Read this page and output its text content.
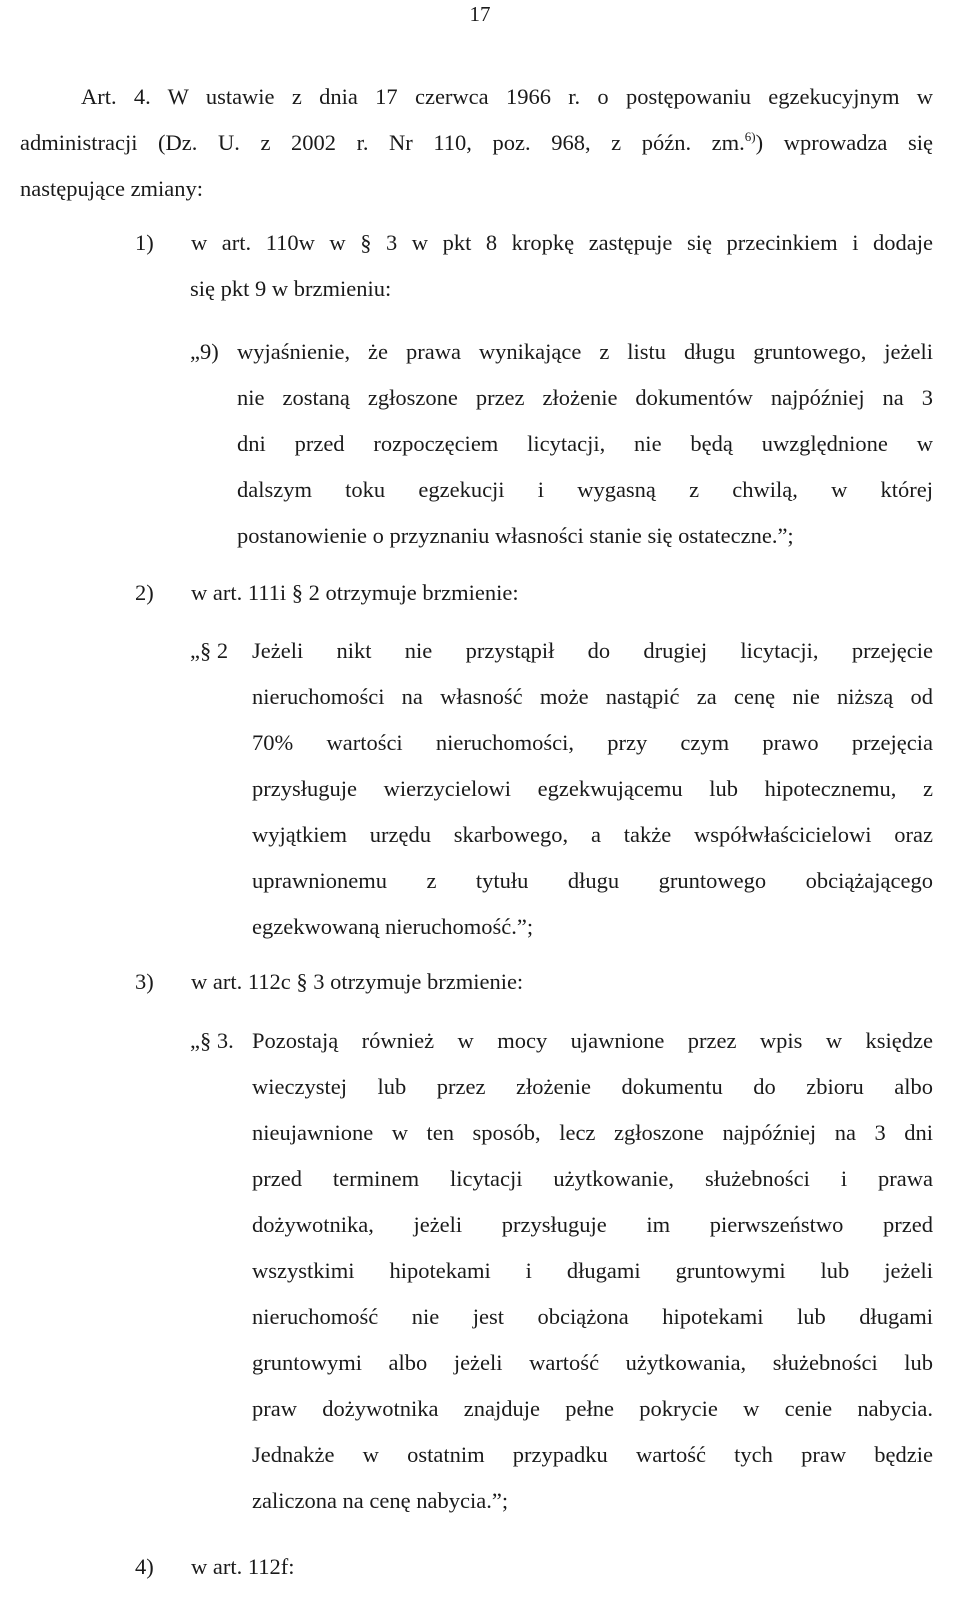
17

Art. 4. W ustawie z dnia 17 czerwca 1966 r. o postępowaniu egzekucyjnym w

administracji (Dz. U. z 2002 r. Nr 110, poz. 968, z późn. zm.$^{6)}$) wprowadza się

następujące zmiany:

1) w art. 110w w § 3 w pkt 8 kropkę zastępuje się przecinkiem i dodaje

się pkt 9 w brzmieniu:

„9) wyjaśnienie, że prawa wynikające z listu długu gruntowego, jeżeli

nie zostaną zgłoszone przez złożenie dokumentów najpóźniej na 3

dni przed rozpoczęciem licytacji, nie będą uwzględnione w

dalszym toku egzekucji i wygasną z chwilą, w której

postanowienie o przyznaniu własności stanie się ostateczne.”;

2) w art. 111i § 2 otrzymuje brzmienie:
„§ 2 Jeżeli nikt nie przystąpił do drugiej licytacji, przejęcie

nieruchomości na własność może nastąpić za cenę nie niższą od

70% wartości nieruchomości, przy czym prawo przejęcia

przysługuje wierzycielowi egzekwującemu lub hipotecznemu, z

wyjątkiem urzędu skarbowego, a także współwłaścicielowi oraz

uprawnionemu z tytułu długu gruntowego obciążającego

egzekwowaną nieruchomość.”;

3) w art. 112c § 3 otrzymuje brzmienie:
„§ 3. Pozostają również w mocy ujawnione przez wpis w księdze

wieczystej lub przez złożenie dokumentu do zbioru albo

nieujawnione w ten sposób, lecz zgłoszone najpóźniej na 3 dni

przed terminem licytacji użytkowanie, służebności i prawa

dożywotnika, jeżeli przysługuje im pierwszeństwo przed

wszystkimi hipotekami i długami gruntowymi lub jeżeli

nieruchomość nie jest obciążona hipotekami lub długami

gruntowymi albo jeżeli wartość użytkowania, służebności lub

praw dożywotnika znajduje pełne pokrycie w cenie nabycia.

Jednakże w ostatnim przypadku wartość tych praw będzie

zaliczona na cenę nabycia.”;

4) w art. 112f:
